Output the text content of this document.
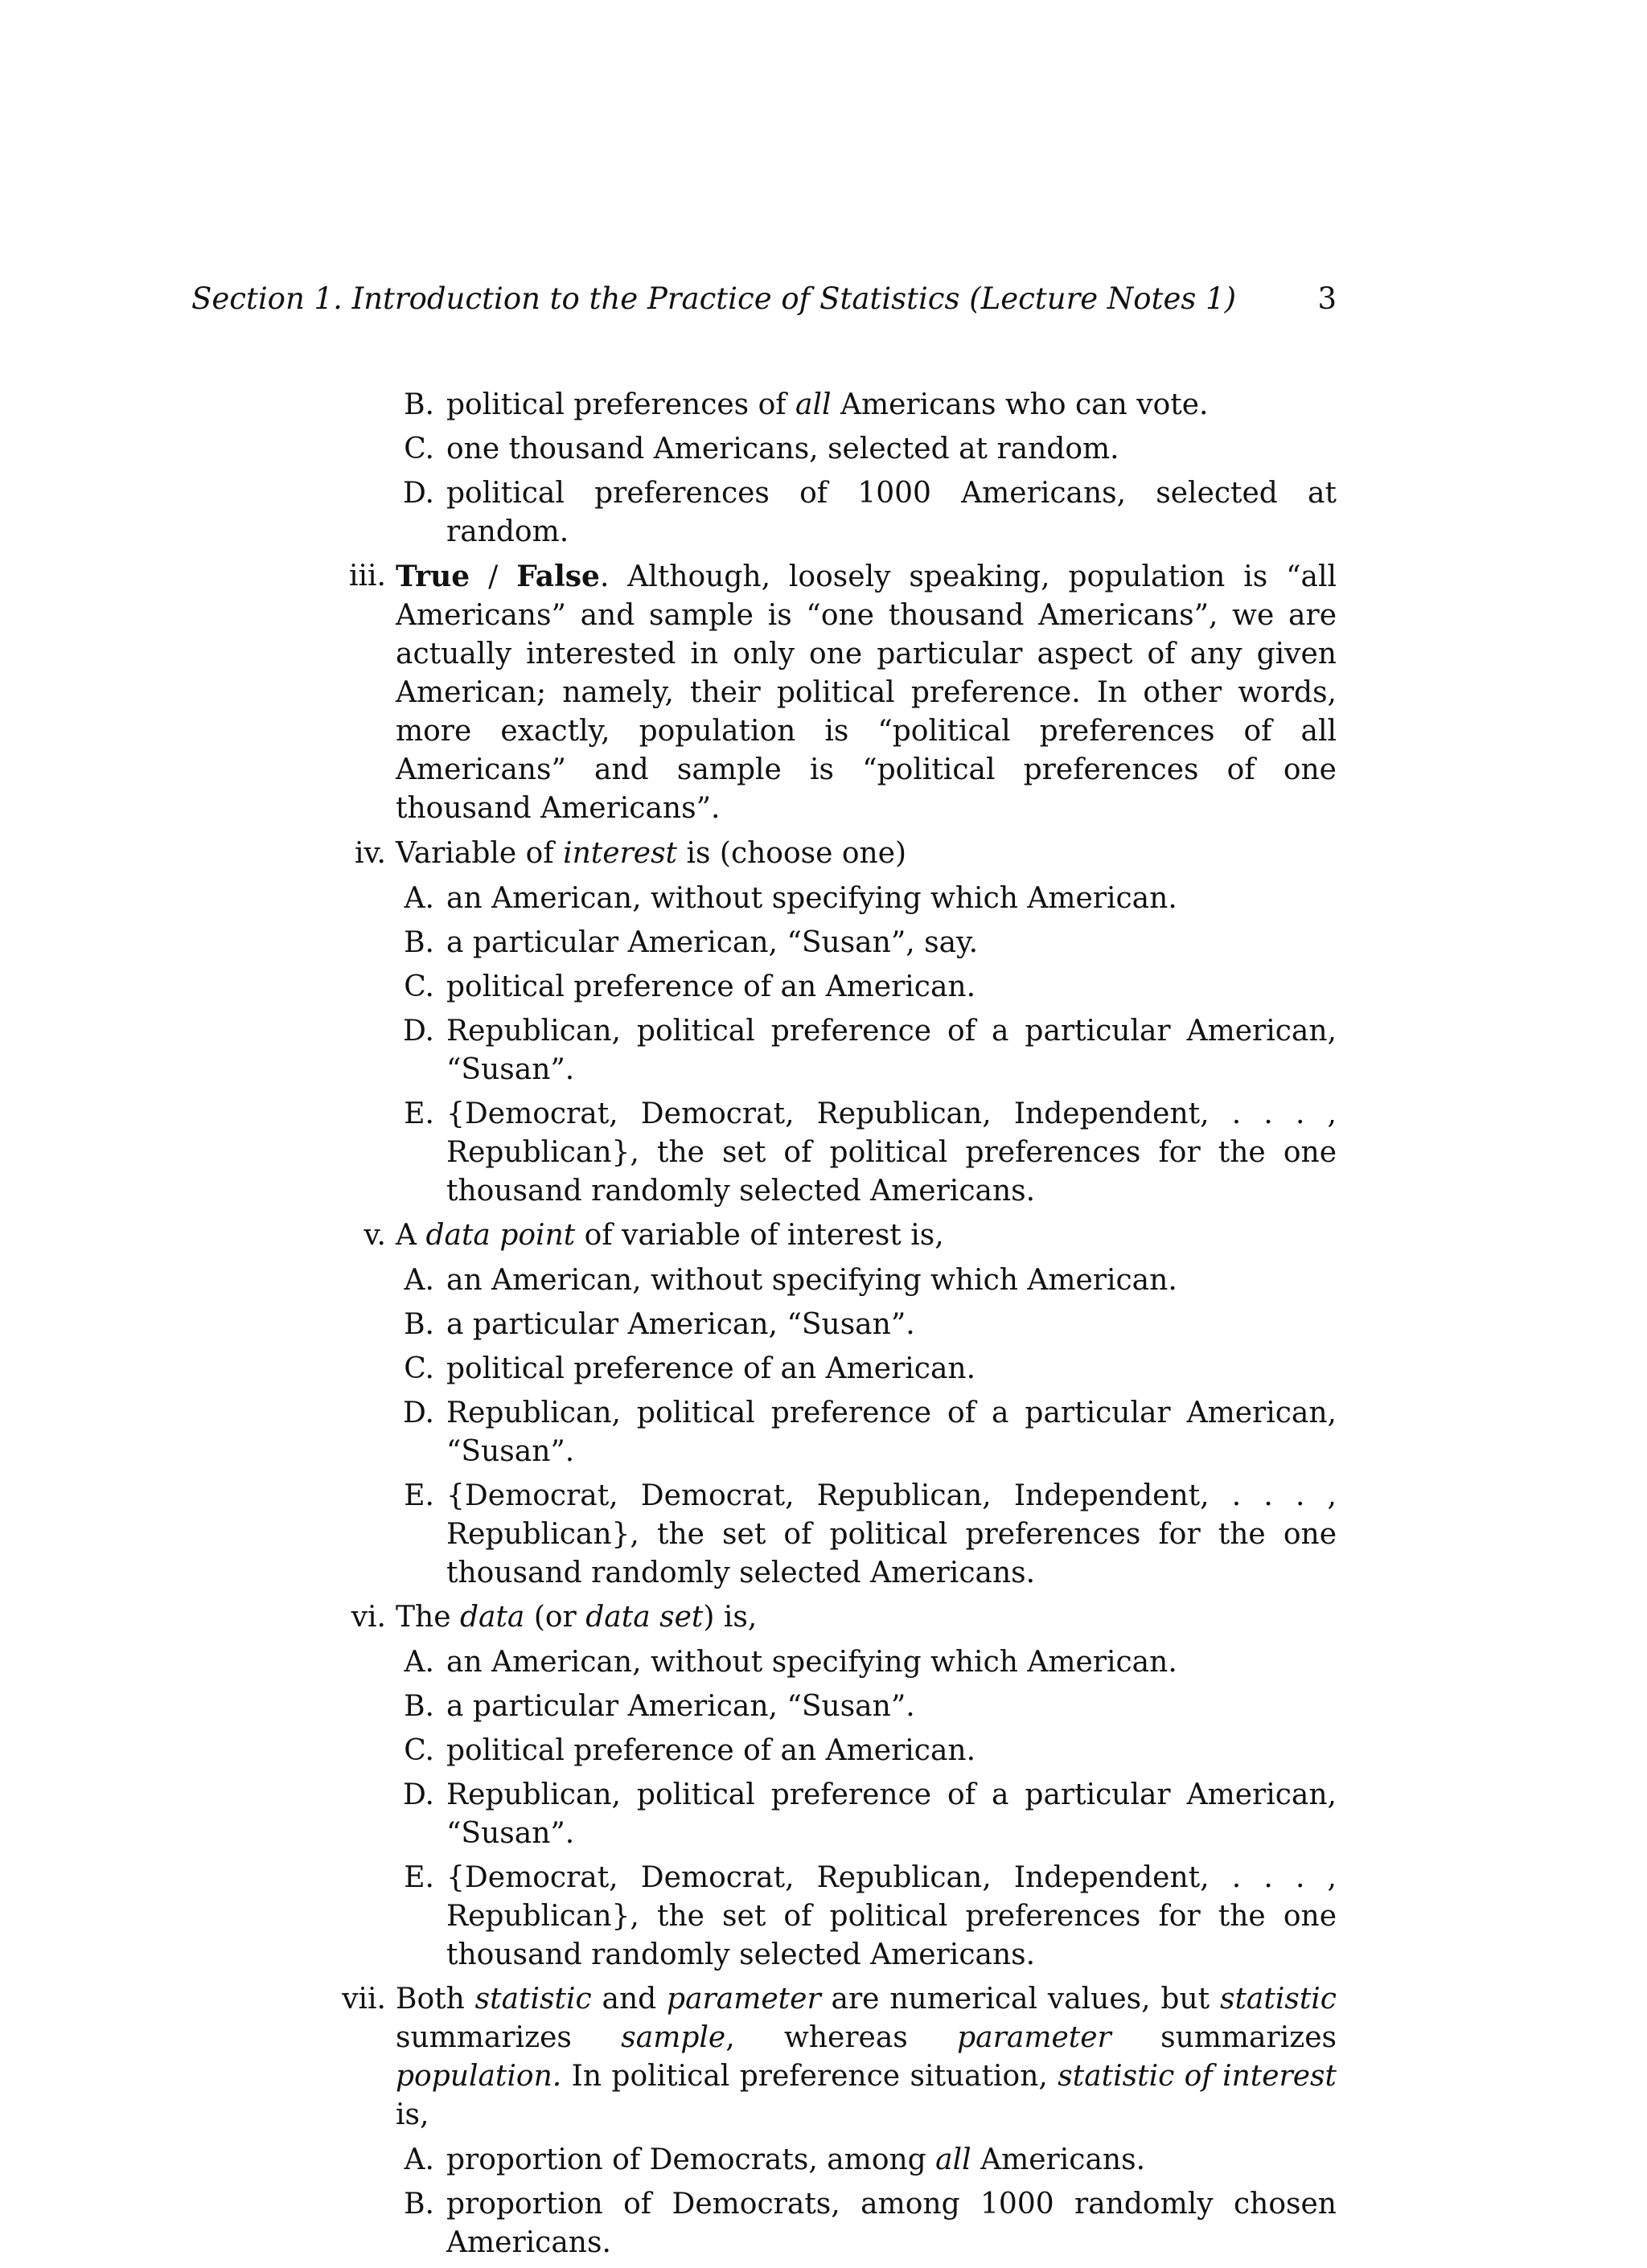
Section 1. Introduction to the Practice of Statistics (Lecture Notes 1)	3
B. political preferences of all Americans who can vote.
C. one thousand Americans, selected at random.
D. political preferences of 1000 Americans, selected at random.
iii. True / False. Although, loosely speaking, population is “all Americans” and sample is “one thousand Americans”, we are actually interested in only one particular aspect of any given American; namely, their political preference. In other words, more exactly, population is “political preferences of all Americans” and sample is “political preferences of one thousand Americans”.
iv. Variable of interest is (choose one)
A. an American, without specifying which American.
B. a particular American, “Susan”, say.
C. political preference of an American.
D. Republican, political preference of a particular American, “Susan”.
E. {Democrat, Democrat, Republican, Independent, . . . , Republican}, the set of political preferences for the one thousand randomly selected Americans.
v. A data point of variable of interest is,
A. an American, without specifying which American.
B. a particular American, “Susan”.
C. political preference of an American.
D. Republican, political preference of a particular American, “Susan”.
E. {Democrat, Democrat, Republican, Independent, . . . , Republican}, the set of political preferences for the one thousand randomly selected Americans.
vi. The data (or data set) is,
A. an American, without specifying which American.
B. a particular American, “Susan”.
C. political preference of an American.
D. Republican, political preference of a particular American, “Susan”.
E. {Democrat, Democrat, Republican, Independent, . . . , Republican}, the set of political preferences for the one thousand randomly selected Americans.
vii. Both statistic and parameter are numerical values, but statistic summarizes sample, whereas parameter summarizes population. In political preference situation, statistic of interest is,
A. proportion of Democrats, among all Americans.
B. proportion of Democrats, among 1000 randomly chosen Americans.
